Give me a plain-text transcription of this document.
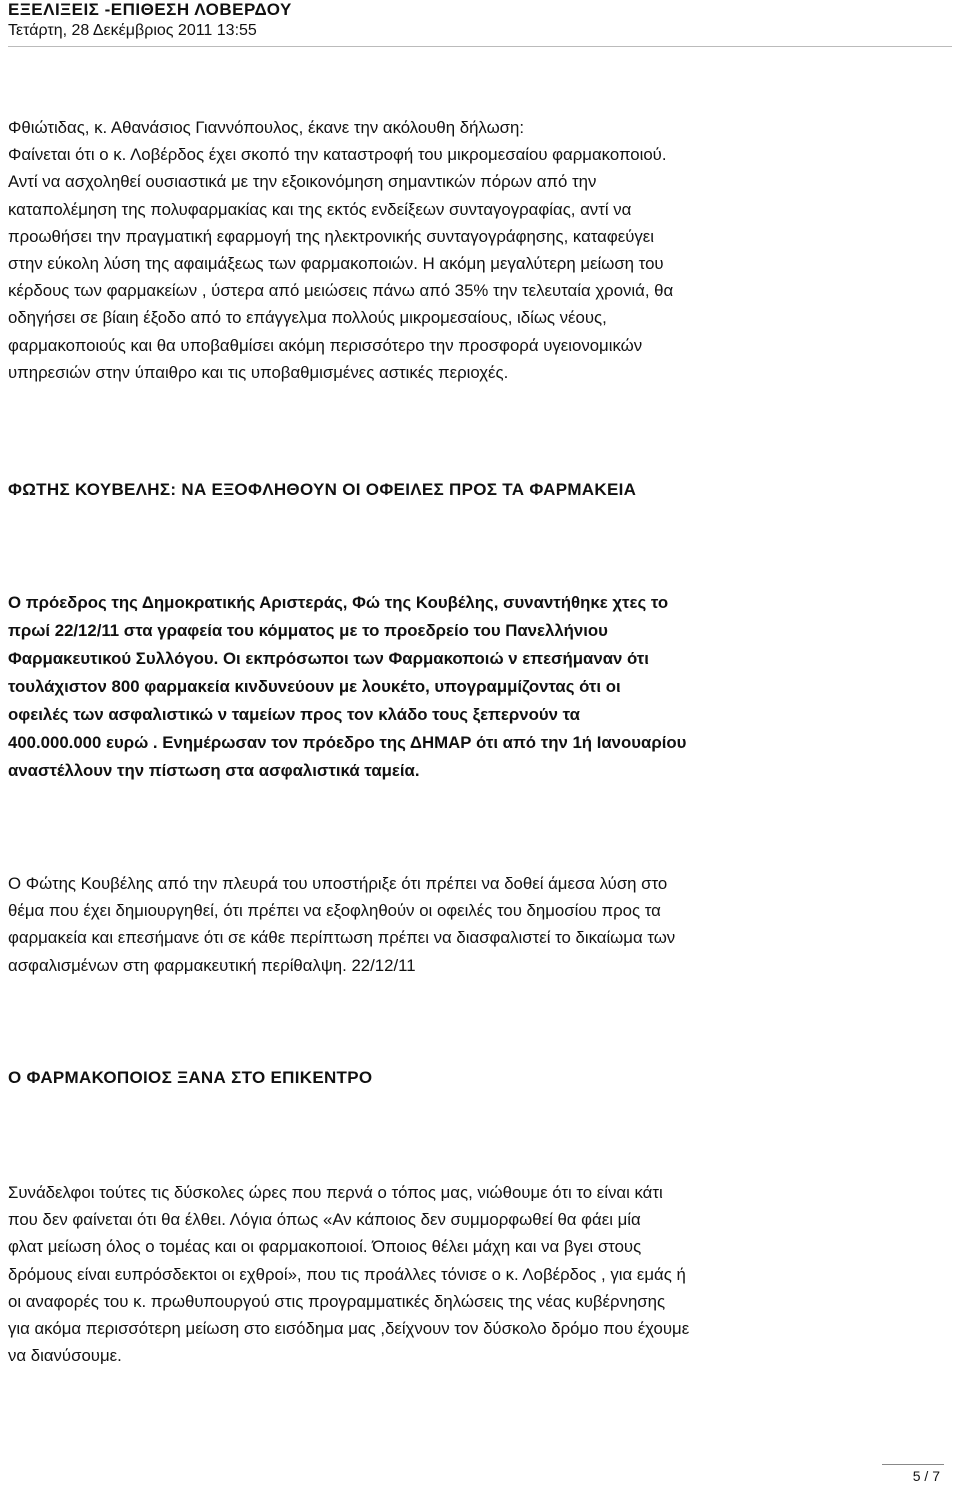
ΕΞΕΛΙΞΕΙΣ -ΕΠΙΘΕΣΗ ΛΟΒΕΡΔΟΥ
Τετάρτη, 28 Δεκέμβριος 2011 13:55
Φθιώτιδας, κ. Αθανάσιος Γιαννόπουλος, έκανε την ακόλουθη δήλωση:
Φαίνεται ότι ο κ. Λοβέρδος έχει σκοπό την καταστροφή του μικρομεσαίου φαρμακοποιού.
Αντί να ασχοληθεί ουσιαστικά με την εξοικονόμηση σημαντικών πόρων από την
καταπολέμηση της πολυφαρμακίας και της εκτός ενδείξεων συνταγογραφίας, αντί να
προωθήσει την πραγματική εφαρμογή της ηλεκτρονικής συνταγογράφησης, καταφεύγει
στην εύκολη λύση της αφαιμάξεως των φαρμακοποιών. Η ακόμη μεγαλύτερη μείωση του
κέρδους των φαρμακείων , ύστερα από μειώσεις πάνω από 35% την τελευταία χρονιά, θα
οδηγήσει σε βίαιη έξοδο από το επάγγελμα πολλούς μικρομεσαίους, ιδίως νέους,
φαρμακοποιούς και θα υποβαθμίσει ακόμη περισσότερο την προσφορά υγειονομικών
υπηρεσιών στην ύπαιθρο και τις υποβαθμισμένες αστικές περιοχές.
ΦΩΤΗΣ ΚΟΥΒΕΛΗΣ: ΝΑ ΕΞΟΦΛΗΘΟΥΝ ΟΙ ΟΦΕΙΛΕΣ ΠΡΟΣ ΤΑ ΦΑΡΜΑΚΕΙΑ
Ο πρόεδρος της Δημοκρατικής Αριστεράς, Φώ της Κουβέλης, συναντήθηκε χτες το
πρωί 22/12/11 στα γραφεία του κόμματος με το προεδρείο του Πανελλήνιου
Φαρμακευτικού Συλλόγου. Οι εκπρόσωποι των Φαρμακοποιώ ν επεσήμαναν ότι
τουλάχιστον 800 φαρμακεία κινδυνεύουν με λουκέτο, υπογραμμίζοντας ότι οι
οφειλές των ασφαλιστικώ ν ταμείων προς τον κλάδο τους ξεπερνούν τα
400.000.000 ευρώ . Ενημέρωσαν τον πρόεδρο της ΔΗΜΑΡ ότι από την 1ή Ιανουαρίου
αναστέλλουν την πίστωση στα ασφαλιστικά ταμεία.
Ο Φώτης Κουβέλης από την πλευρά του υποστήριξε ότι πρέπει να δοθεί άμεσα λύση στο
θέμα που έχει δημιουργηθεί, ότι πρέπει να εξοφληθούν οι οφειλές του δημοσίου προς τα
φαρμακεία και επεσήμανε ότι σε κάθε περίπτωση πρέπει να διασφαλιστεί το δικαίωμα των
ασφαλισμένων στη φαρμακευτική περίθαλψη. 22/12/11
Ο ΦΑΡΜΑΚΟΠΟΙΟΣ ΞΑΝΑ ΣΤΟ ΕΠΙΚΕΝΤΡΟ
Συνάδελφοι τούτες τις δύσκολες ώρες που περνά ο τόπος μας, νιώθουμε ότι το είναι κάτι
που δεν φαίνεται ότι θα έλθει. Λόγια όπως «Αν κάποιος δεν συμμορφωθεί θα φάει μία
φλατ μείωση όλος ο τομέας και οι φαρμακοποιοί. Όποιος θέλει μάχη και να βγει στους
δρόμους είναι ευπρόσδεκτοι οι εχθροί», που τις προάλλες τόνισε ο κ. Λοβέρδος , για εμάς ή
οι αναφορές του κ. πρωθυπουργού στις προγραμματικές δηλώσεις της νέας κυβέρνησης
για ακόμα περισσότερη μείωση στο εισόδημα μας ,δείχνουν τον δύσκολο δρόμο που έχουμε
να διανύσουμε.
5 / 7
